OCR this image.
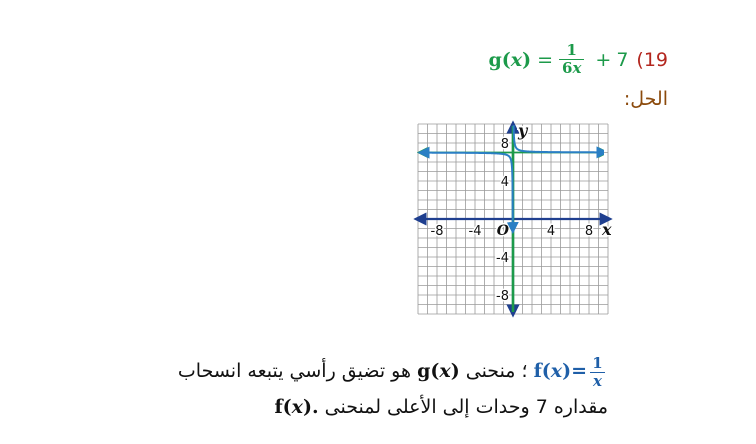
$g(x) = \frac{1}{6x} + 7$ (19
الحل:
-8 -4	4 8
8
4
-4
-8
O	x
y
$f(x)= \frac{1}{x}$
؛ منحنى g(x) هو تضيق رأسي يتبعه انسحاب
مقداره 7 وحدات إلى الأعلى لمنحنى f(x).
